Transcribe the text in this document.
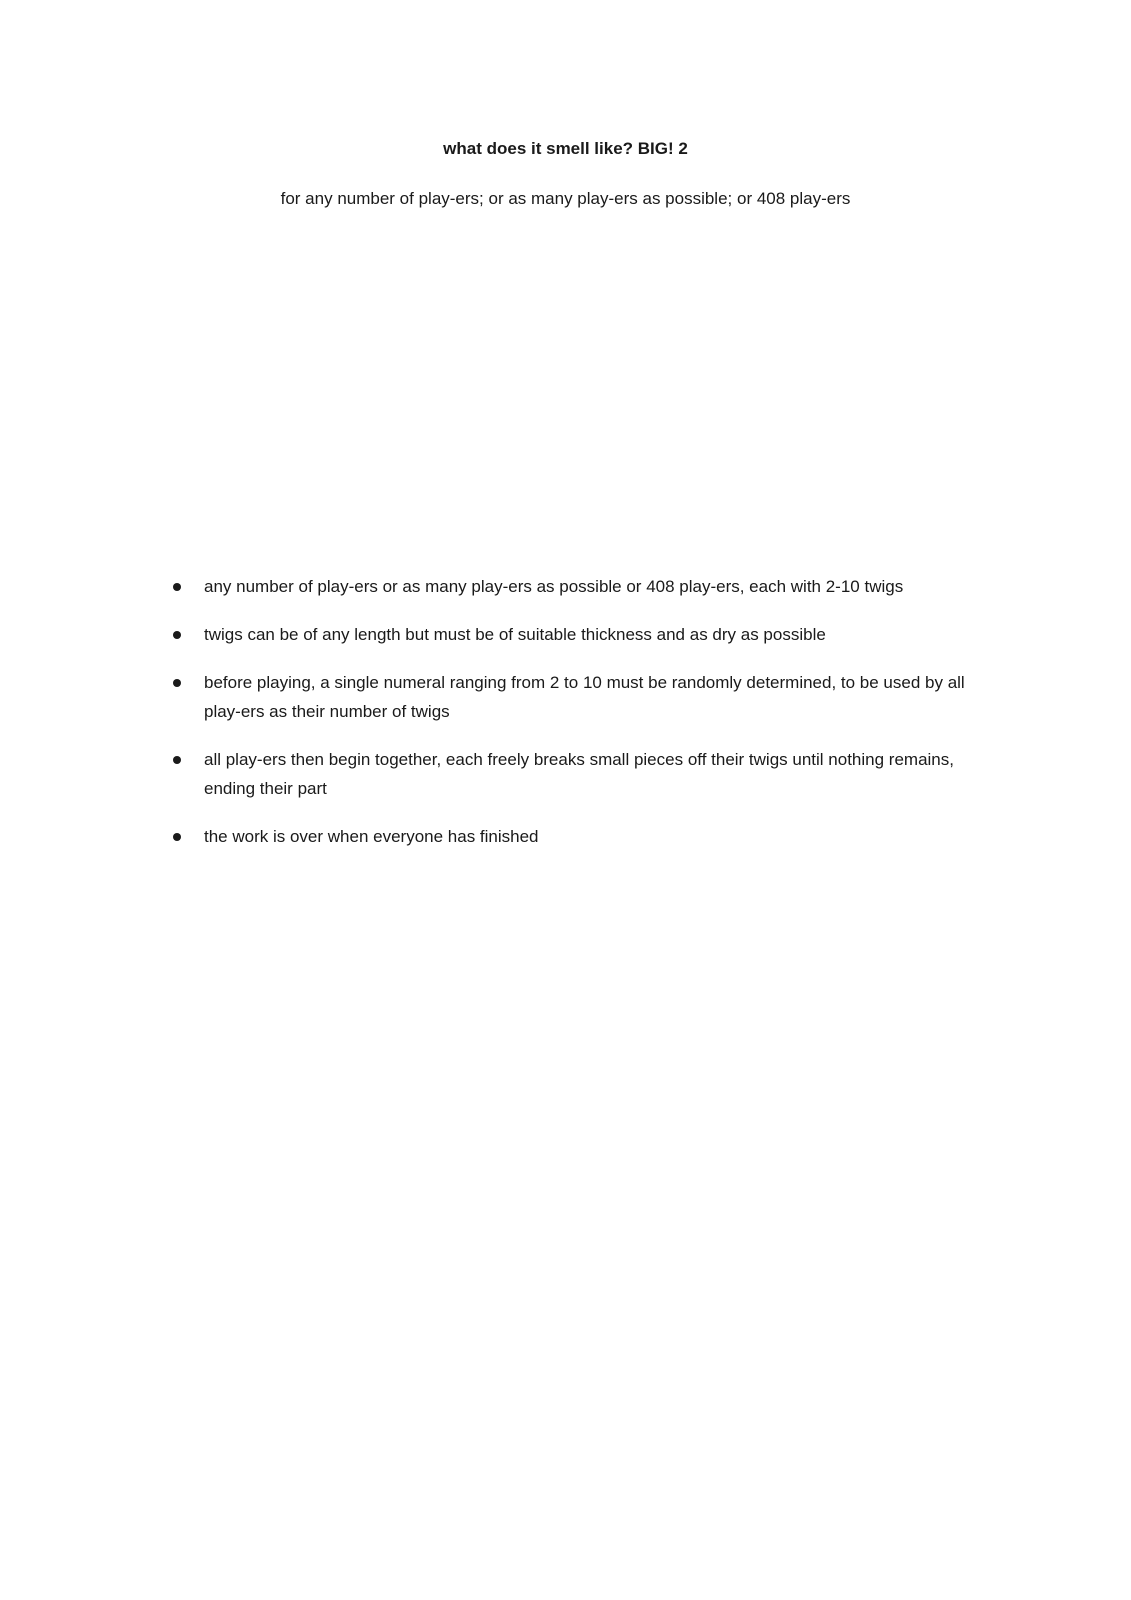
what does it smell like? BIG! 2

for any number of play-ers; or as many play-ers as possible; or 408 play-ers

any number of play-ers or as many play-ers as possible or 408 play-ers, each with 2-10 twigs
twigs can be of any length but must be of suitable thickness and as dry as possible
before playing, a single numeral ranging from 2 to 10 must be randomly determined, to be used by all play-ers as their number of twigs
all play-ers then begin together, each freely breaks small pieces off their twigs until nothing remains, ending their part
the work is over when everyone has finished
